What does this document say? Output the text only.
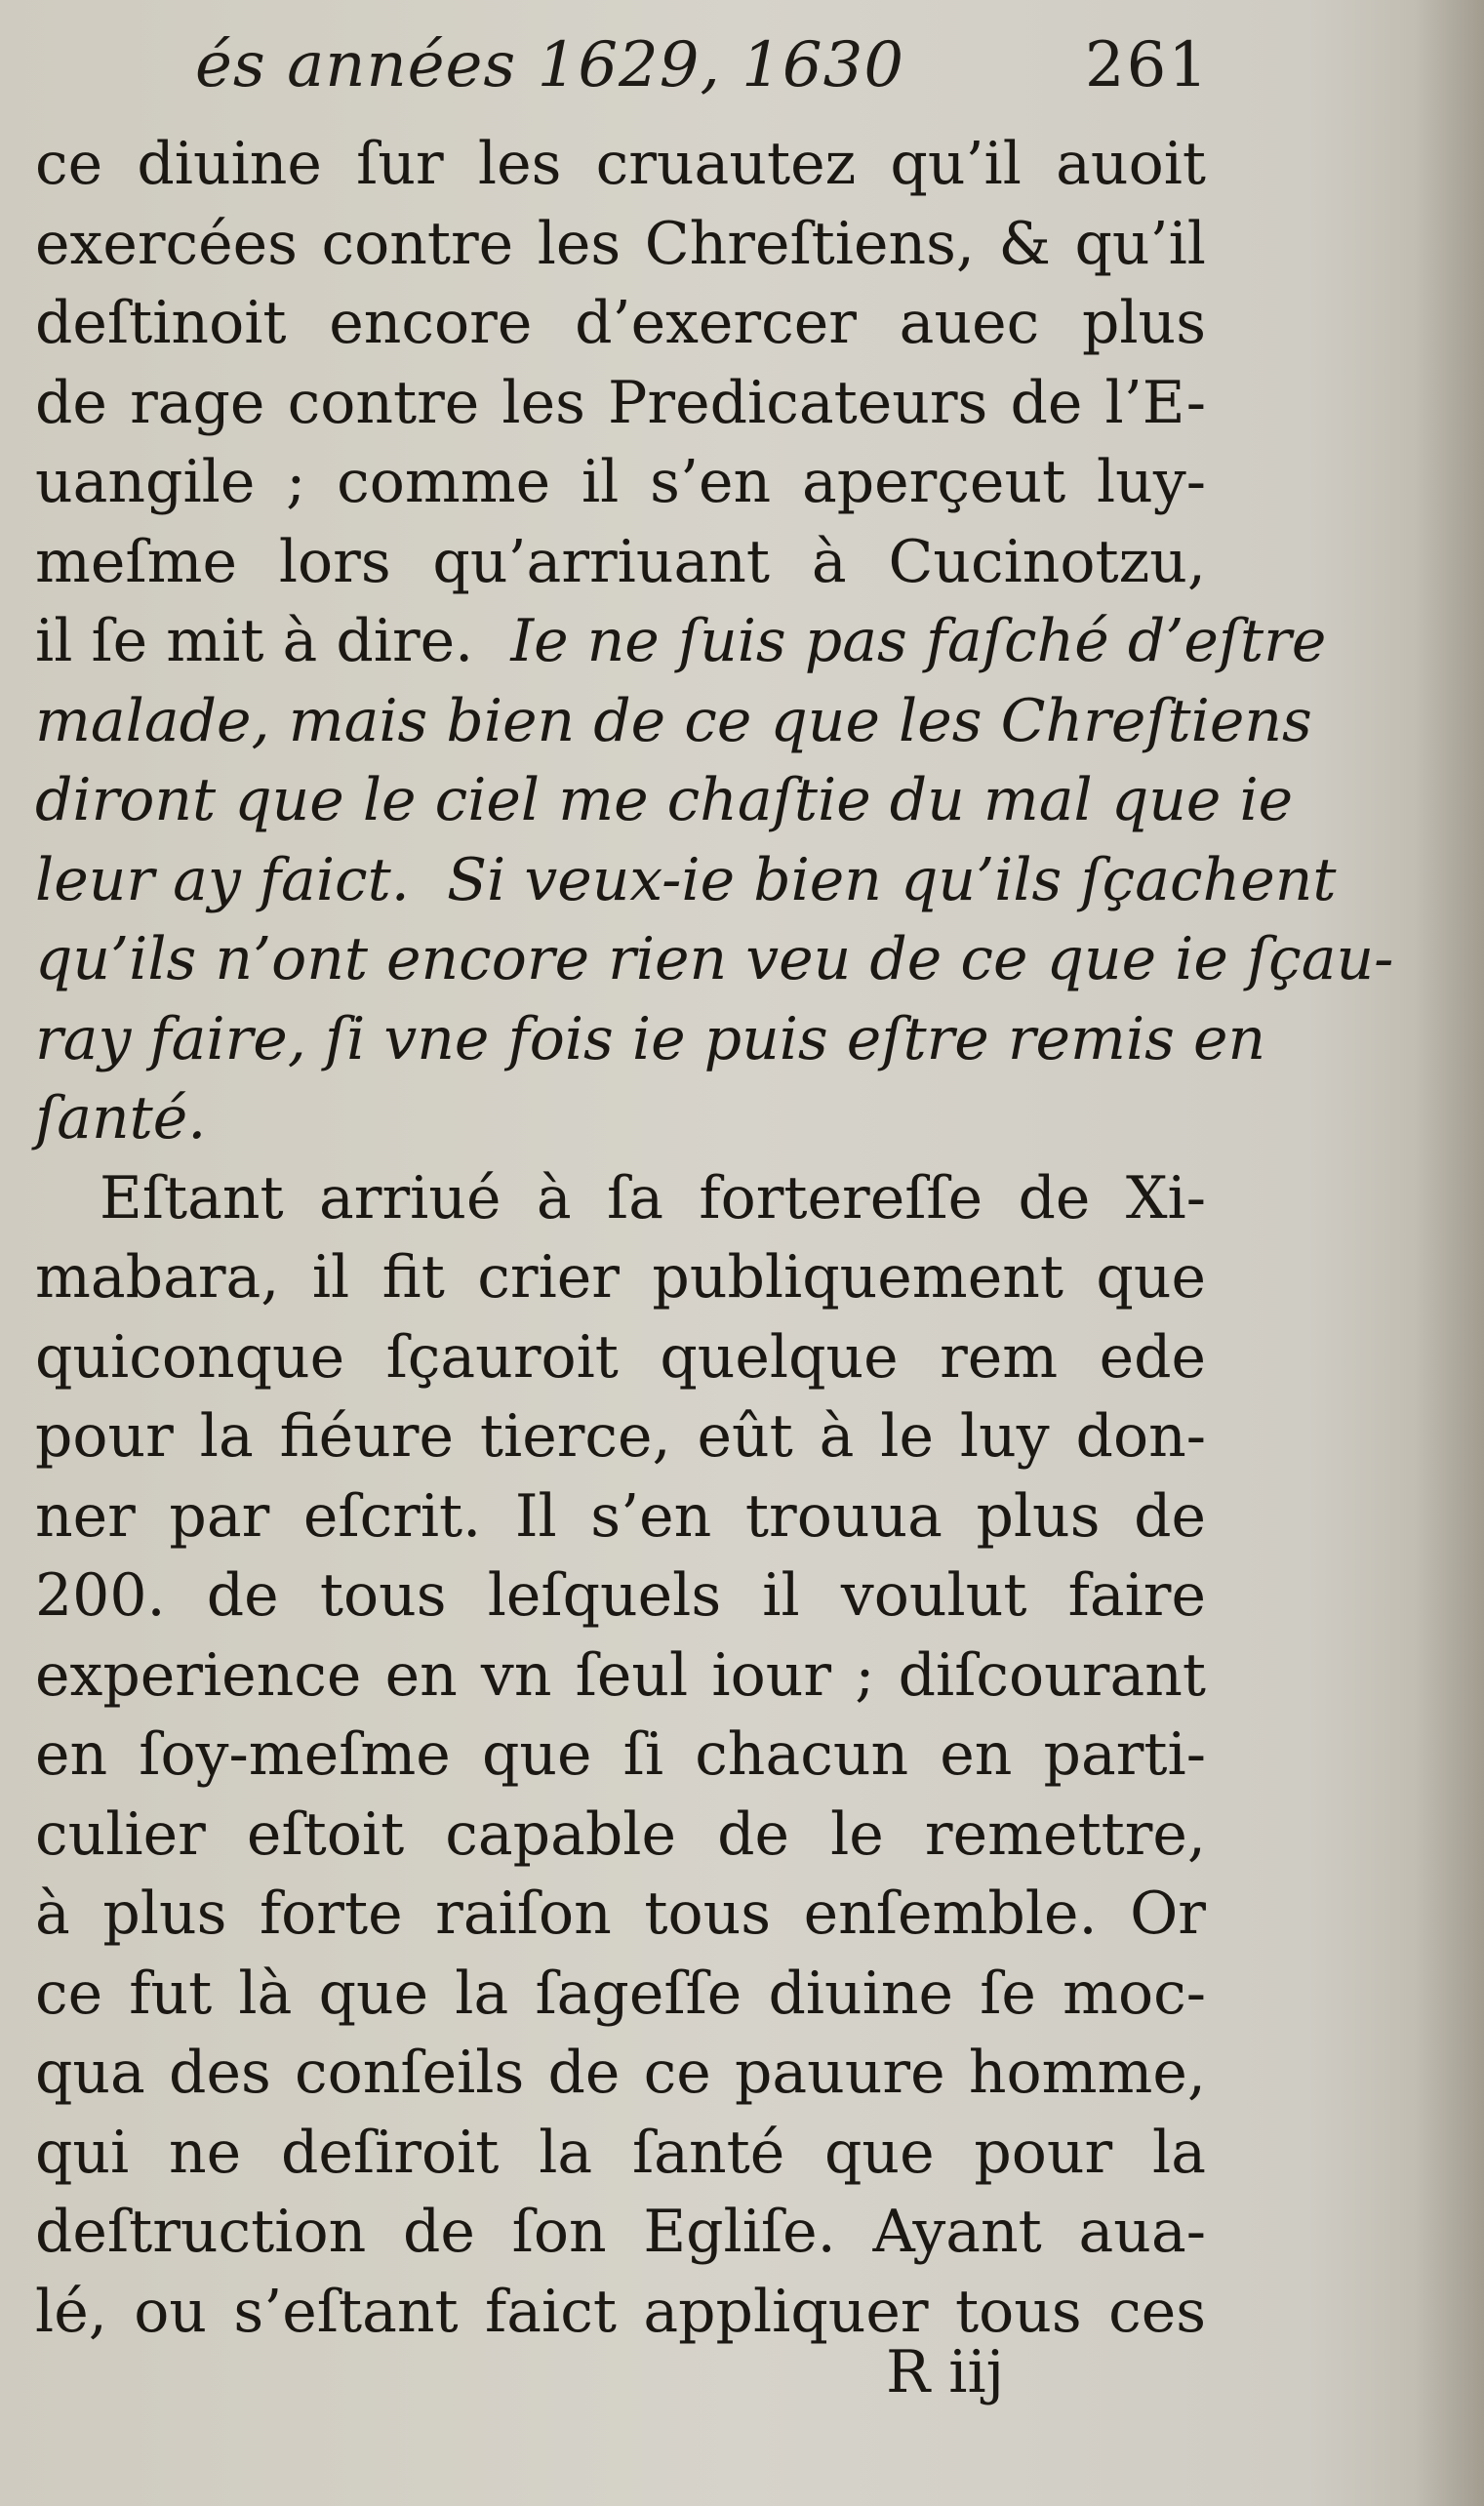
és années 1629, 1630	261
ce diuine ſur les cruautez qu’il auoit
exercées contre les Chreſtiens, & qu’il
deſtinoit encore d’exercer auec plus
de rage contre les Predicateurs de l’E-
uangile ; comme il s’en aperçeut luy-
meſme lors qu’arriuant à Cucinotzu,
il ſe mit à dire. Ie ne ſuis pas faſché d’eſtre
malade, mais bien de ce que les Chreſtiens
diront que le ciel me chaſtie du mal que ie
leur ay faict. Si veux-ie bien qu’ils ſçachent
qu’ils n’ont encore rien veu de ce que ie ſçau-
ray faire, ſi vne fois ie puis eſtre remis en
ſanté.
Eſtant arriué à ſa fortereſſe de Xi-
mabara, il fit crier publiquement que
quiconque ſçauroit quelque rem ede
pour la fiéure tierce, eût à le luy don-
ner par eſcrit. Il s’en trouua plus de
200. de tous leſquels il voulut faire
experience en vn ſeul iour ; diſcourant
en ſoy-meſme que ſi chacun en parti-
culier eſtoit capable de le remettre,
à plus forte raiſon tous enſemble. Or
ce fut là que la ſageſſe diuine ſe moc-
qua des conſeils de ce pauure homme,
qui ne deſiroit la ſanté que pour la
deſtruction de ſon Egliſe. Ayant aua-
lé, ou s’eſtant faict appliquer tous ces
R iij
